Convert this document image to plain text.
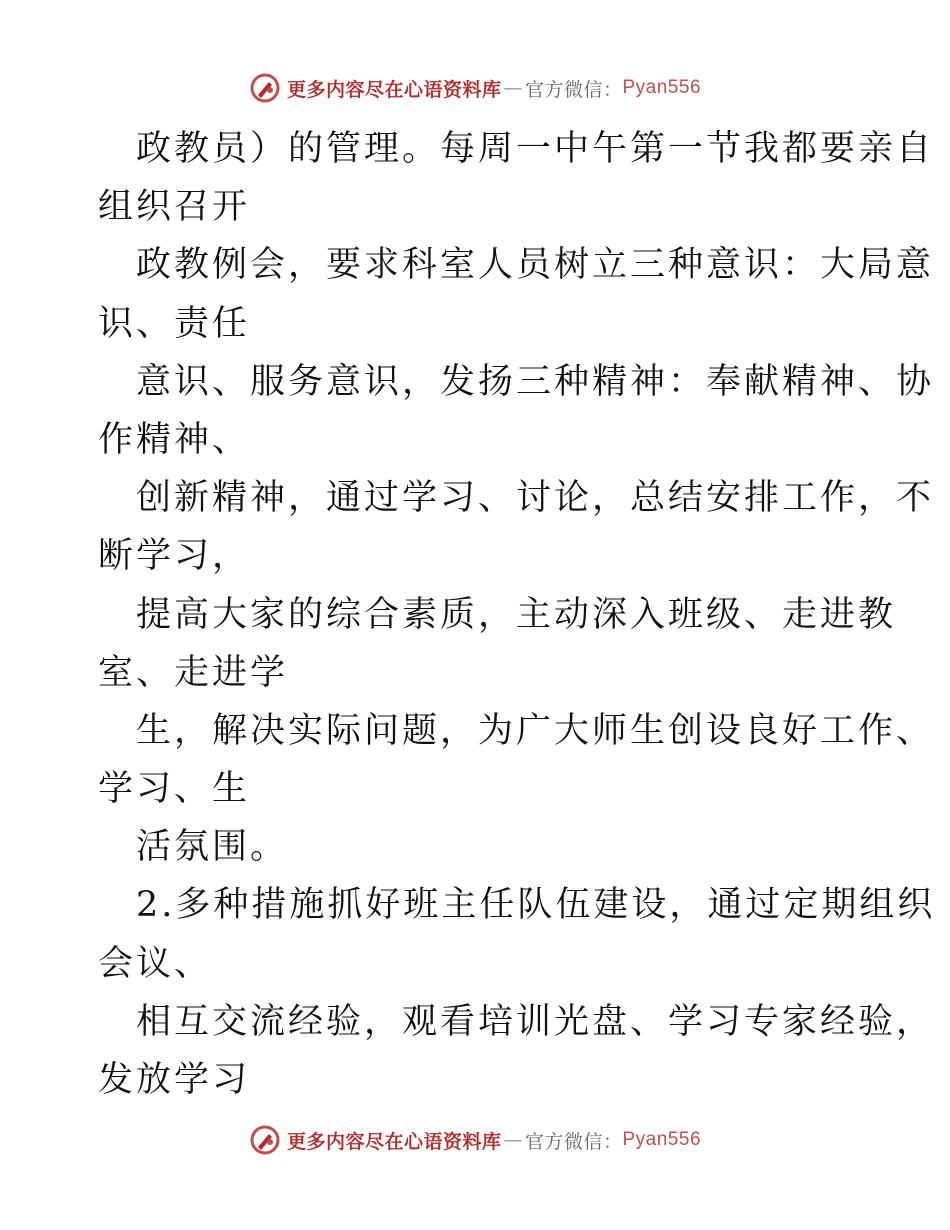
更多内容尽在心语资料库 — 官方微信： Pyan556
政教员）的管理。每周一中午第一节我都要亲自
组织召开
政教例会，要求科室人员树立三种意识：大局意
识、责任
意识、服务意识，发扬三种精神：奉献精神、协
作精神、
创新精神，通过学习、讨论，总结安排工作，不
断学习，
提高大家的综合素质，主动深入班级、走进教
室、走进学
生，解决实际问题，为广大师生创设良好工作、
学习、生
活氛围。
2.多种措施抓好班主任队伍建设，通过定期组织
会议、
相互交流经验，观看培训光盘、学习专家经验，
发放学习
更多内容尽在心语资料库 — 官方微信： Pyan556
